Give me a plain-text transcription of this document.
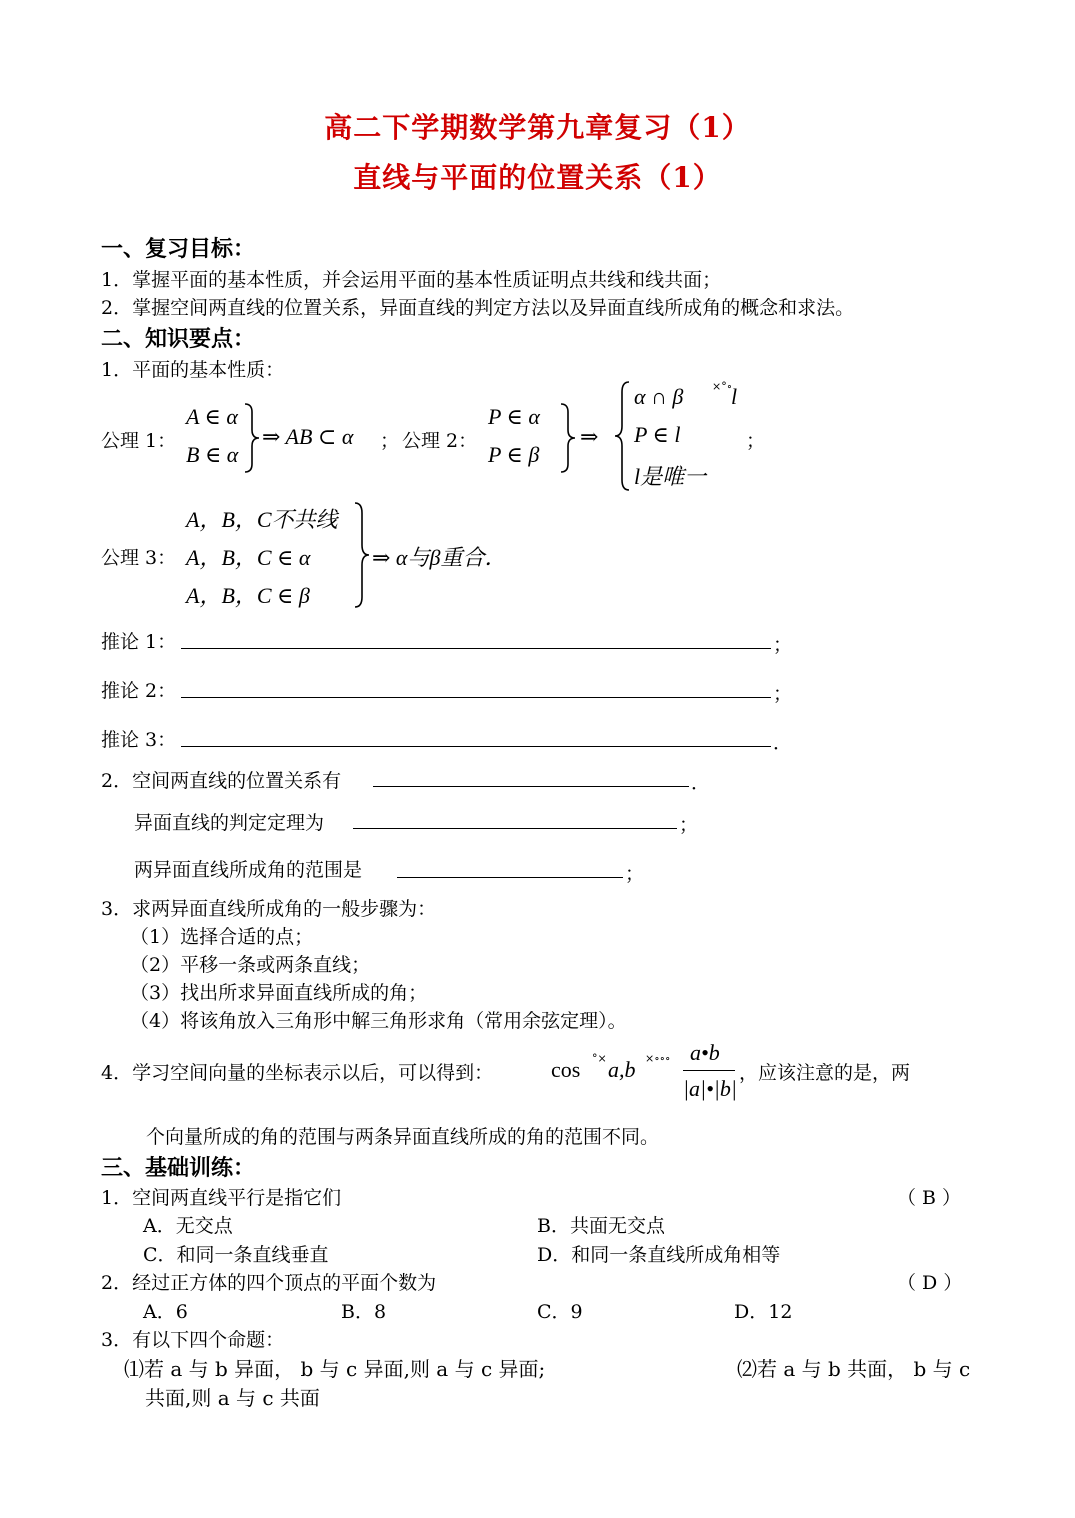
高二下学期数学第九章复习（1）
直线与平面的位置关系（1）
一、复习目标：
1．掌握平面的基本性质，并会运用平面的基本性质证明点共线和线共面；
2．掌握空间两直线的位置关系，异面直线的判定方法以及异面直线所成角的概念和求法。
二、知识要点：
1．平面的基本性质：
公理 1：
A ∈ α
B ∈ α
⇒ AB ⊂ α ； 公理 2：
P ∈ α
P ∈ β
⇒
α ∩ β	×°∘
l
P ∈ l
l是唯一
；
A，B，C不共线
公理 3： A，B，C ∈ α
A，B，C ∈ β
⇒ α与β重合．
推论 1：	；
推论 2：	；
推论 3：	．
2．空间两直线的位置关系有	．
异面直线的判定定理为	；
两异面直线所成角的范围是	；
3．求两异面直线所成角的一般步骤为：
（1）选择合适的点；
（2）平移一条或两条直线；
（3）找出所求异面直线所成的角；
（4）将该角放入三角形中解三角形求角（常用余弦定理）。
4．学习空间向量的坐标表示以后，可以得到：	cos °× a,b ×∘∘∘ a•b
|a|•|b|
，应该注意的是，两
个向量所成的角的范围与两条异面直线所成的角的范围不同。
三、基础训练：
1．空间两直线平行是指它们	（ B ）
A．无交点	B．共面无交点
C．和同一条直线垂直	D．和同一条直线所成角相等
2．经过正方体的四个顶点的平面个数为	（ D ）
A．6	B．8	C．9	D．12
3．有以下四个命题：
⑴若 a 与 b 异面， b 与 c 异面,则 a 与 c 异面;	⑵若 a 与 b 共面， b 与 c
共面,则 a 与 c 共面
